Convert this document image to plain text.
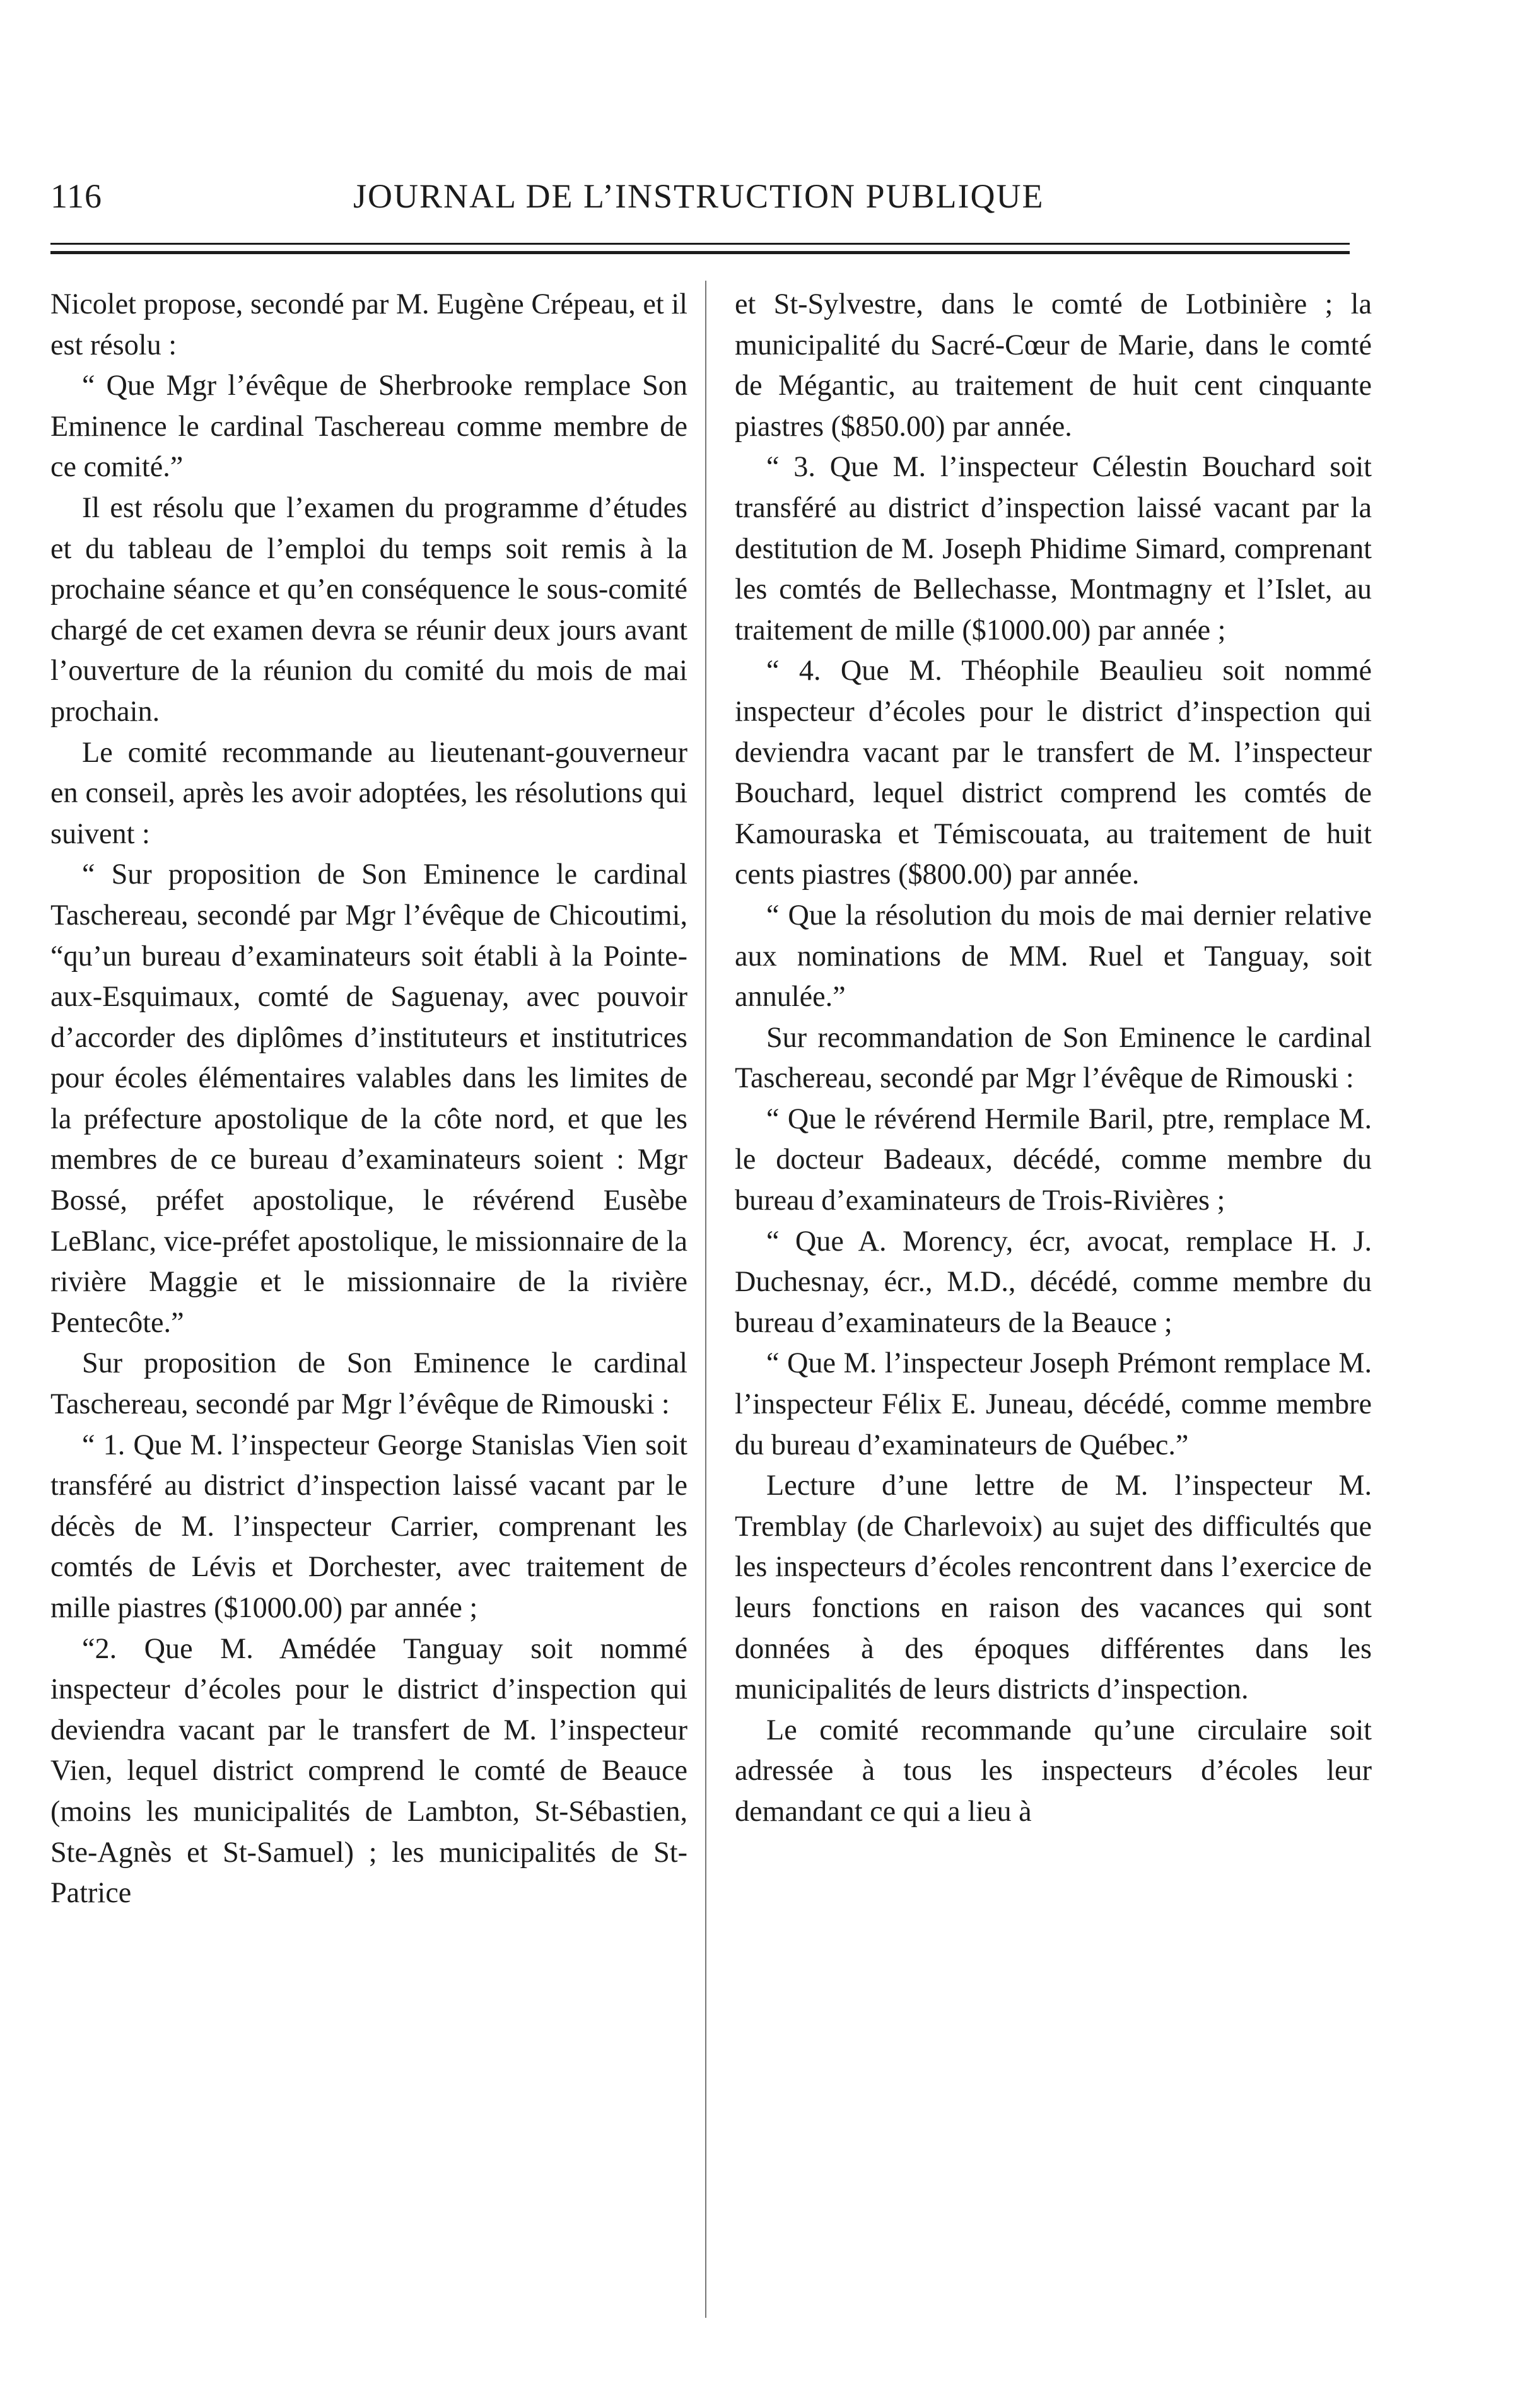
116	JOURNAL DE L’INSTRUCTION PUBLIQUE

Nicolet propose, secondé par M. Eugène Crépeau, et il est résolu :

“ Que Mgr l’évêque de Sherbrooke remplace Son Eminence le cardinal Taschereau comme membre de ce comité.”

Il est résolu que l’examen du programme d’études et du tableau de l’emploi du temps soit remis à la prochaine séance et qu’en conséquence le sous-comité chargé de cet examen devra se réunir deux jours avant l’ouverture de la réunion du comité du mois de mai prochain.

Le comité recommande au lieutenant-gouverneur en conseil, après les avoir adoptées, les résolutions qui suivent :

“ Sur proposition de Son Eminence le cardinal Taschereau, secondé par Mgr l’évêque de Chicoutimi, “qu’un bureau d’examinateurs soit établi à la Pointe-aux-Esquimaux, comté de Saguenay, avec pouvoir d’accorder des diplômes d’instituteurs et institutrices pour écoles élémentaires valables dans les limites de la préfecture apostolique de la côte nord, et que les membres de ce bureau d’examinateurs soient : Mgr Bossé, préfet apostolique, le révérend Eusèbe LeBlanc, vice-préfet apostolique, le missionnaire de la rivière Maggie et le missionnaire de la rivière Pentecôte.”

Sur proposition de Son Eminence le cardinal Taschereau, secondé par Mgr l’évêque de Rimouski :

“ 1. Que M. l’inspecteur George Stanislas Vien soit transféré au district d’inspection laissé vacant par le décès de M. l’inspecteur Carrier, comprenant les comtés de Lévis et Dorchester, avec traitement de mille piastres ($1000.00) par année ;

“2. Que M. Amédée Tanguay soit nommé inspecteur d’écoles pour le district d’inspection qui deviendra vacant par le transfert de M. l’inspecteur Vien, lequel district comprend le comté de Beauce (moins les municipalités de Lambton, St-Sébastien, Ste-Agnès et St-Samuel) ; les municipalités de St-Patrice

et St-Sylvestre, dans le comté de Lotbinière ; la municipalité du Sacré-Cœur de Marie, dans le comté de Mégantic, au traitement de huit cent cinquante piastres ($850.00) par année.

“ 3. Que M. l’inspecteur Célestin Bouchard soit transféré au district d’inspection laissé vacant par la destitution de M. Joseph Phidime Simard, comprenant les comtés de Bellechasse, Montmagny et l’Islet, au traitement de mille ($1000.00) par année ;

“ 4. Que M. Théophile Beaulieu soit nommé inspecteur d’écoles pour le district d’inspection qui deviendra vacant par le transfert de M. l’inspecteur Bouchard, lequel district comprend les comtés de Kamouraska et Témiscouata, au traitement de huit cents piastres ($800.00) par année.

“ Que la résolution du mois de mai dernier relative aux nominations de MM. Ruel et Tanguay, soit annulée.”

Sur recommandation de Son Eminence le cardinal Taschereau, secondé par Mgr l’évêque de Rimouski :

“ Que le révérend Hermile Baril, ptre, remplace M. le docteur Badeaux, décédé, comme membre du bureau d’examinateurs de Trois-Rivières ;

“ Que A. Morency, écr, avocat, remplace H. J. Duchesnay, écr., M.D., décédé, comme membre du bureau d’examinateurs de la Beauce ;

“ Que M. l’inspecteur Joseph Prémont remplace M. l’inspecteur Félix E. Juneau, décédé, comme membre du bureau d’examinateurs de Québec.”

Lecture d’une lettre de M. l’inspecteur M. Tremblay (de Charlevoix) au sujet des difficultés que les inspecteurs d’écoles rencontrent dans l’exercice de leurs fonctions en raison des vacances qui sont données à des époques différentes dans les municipalités de leurs districts d’inspection.

Le comité recommande qu’une circulaire soit adressée à tous les inspecteurs d’écoles leur demandant ce qui a lieu à
